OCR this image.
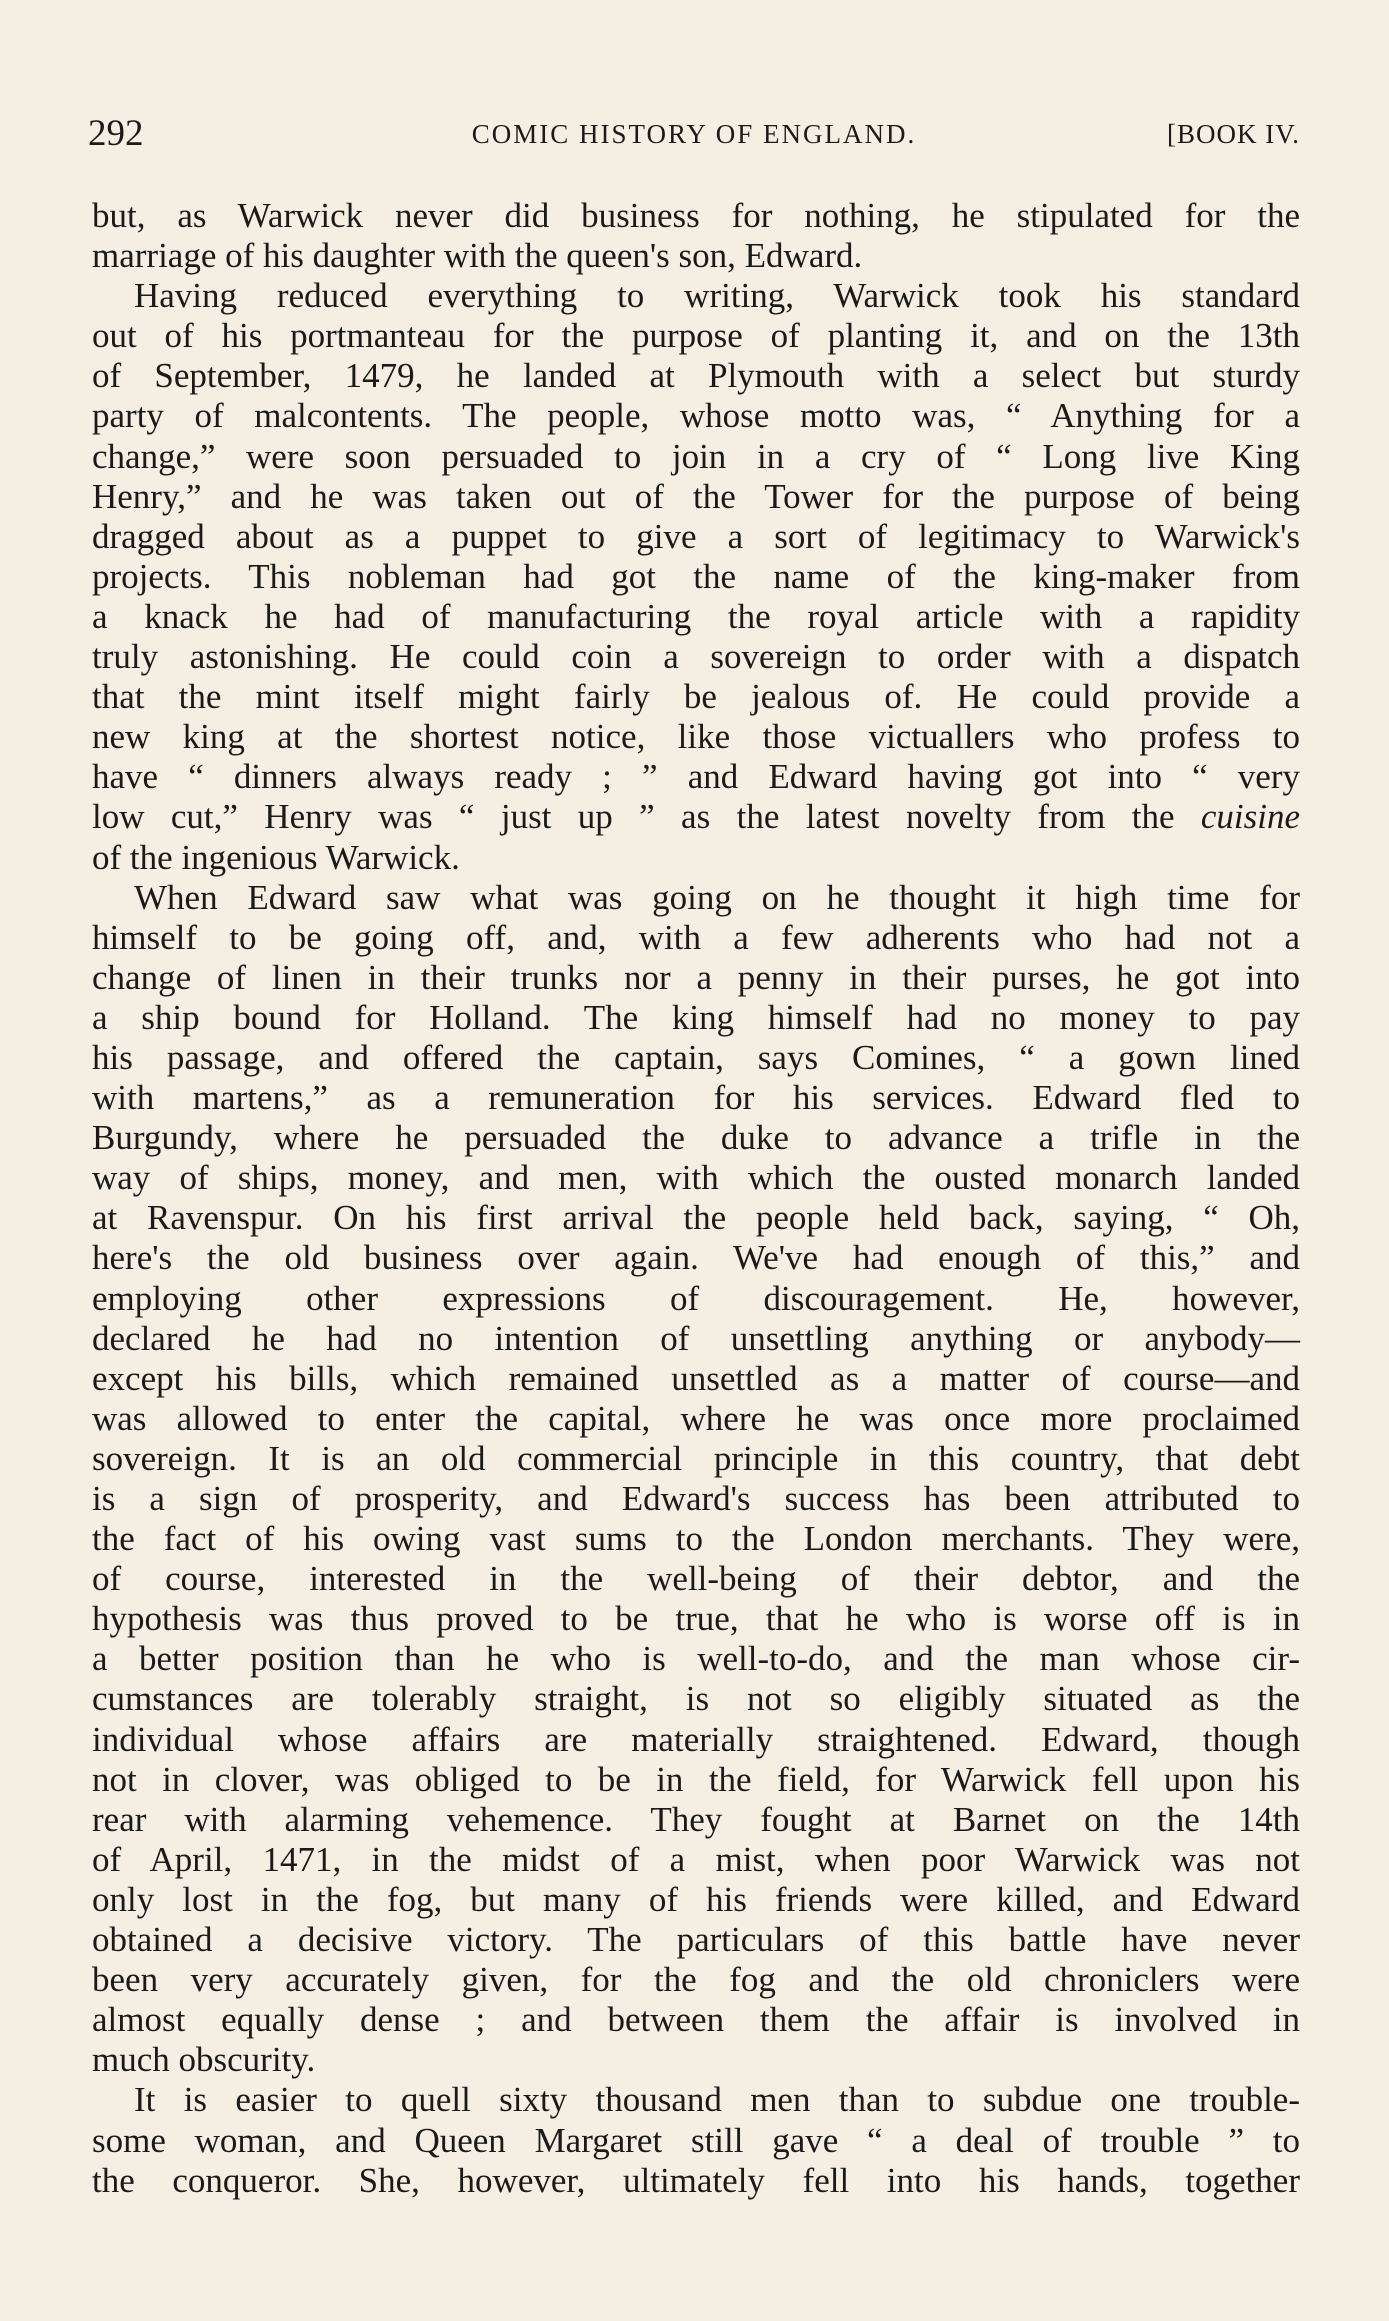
292	COMIC HISTORY OF ENGLAND.	[BOOK IV.
but, as Warwick never did business for nothing, he stipulated for the
marriage of his daughter with the queen's son, Edward.
Having reduced everything to writing, Warwick took his standard
out of his portmanteau for the purpose of planting it, and on the 13th
of September, 1479, he landed at Plymouth with a select but sturdy
party of malcontents. The people, whose motto was, “ Anything for a
change,” were soon persuaded to join in a cry of “ Long live King
Henry,” and he was taken out of the Tower for the purpose of being
dragged about as a puppet to give a sort of legitimacy to Warwick's
projects. This nobleman had got the name of the king-maker from
a knack he had of manufacturing the royal article with a rapidity
truly astonishing. He could coin a sovereign to order with a dispatch
that the mint itself might fairly be jealous of. He could provide a
new king at the shortest notice, like those victuallers who profess to
have “ dinners always ready ; ” and Edward having got into “ very
low cut,” Henry was “ just up ” as the latest novelty from the cuisine
of the ingenious Warwick.
When Edward saw what was going on he thought it high time for
himself to be going off, and, with a few adherents who had not a
change of linen in their trunks nor a penny in their purses, he got into
a ship bound for Holland. The king himself had no money to pay
his passage, and offered the captain, says Comines, “ a gown lined
with martens,” as a remuneration for his services. Edward fled to
Burgundy, where he persuaded the duke to advance a trifle in the
way of ships, money, and men, with which the ousted monarch landed
at Ravenspur. On his first arrival the people held back, saying, “ Oh,
here's the old business over again. We've had enough of this,” and
employing other expressions of discouragement. He, however,
declared he had no intention of unsettling anything or anybody—
except his bills, which remained unsettled as a matter of course—and
was allowed to enter the capital, where he was once more proclaimed
sovereign. It is an old commercial principle in this country, that debt
is a sign of prosperity, and Edward's success has been attributed to
the fact of his owing vast sums to the London merchants. They were,
of course, interested in the well-being of their debtor, and the
hypothesis was thus proved to be true, that he who is worse off is in
a better position than he who is well-to-do, and the man whose cir-
cumstances are tolerably straight, is not so eligibly situated as the
individual whose affairs are materially straightened. Edward, though
not in clover, was obliged to be in the field, for Warwick fell upon his
rear with alarming vehemence. They fought at Barnet on the 14th
of April, 1471, in the midst of a mist, when poor Warwick was not
only lost in the fog, but many of his friends were killed, and Edward
obtained a decisive victory. The particulars of this battle have never
been very accurately given, for the fog and the old chroniclers were
almost equally dense ; and between them the affair is involved in
much obscurity.
It is easier to quell sixty thousand men than to subdue one trouble-
some woman, and Queen Margaret still gave “ a deal of trouble ” to
the conqueror. She, however, ultimately fell into his hands, together
